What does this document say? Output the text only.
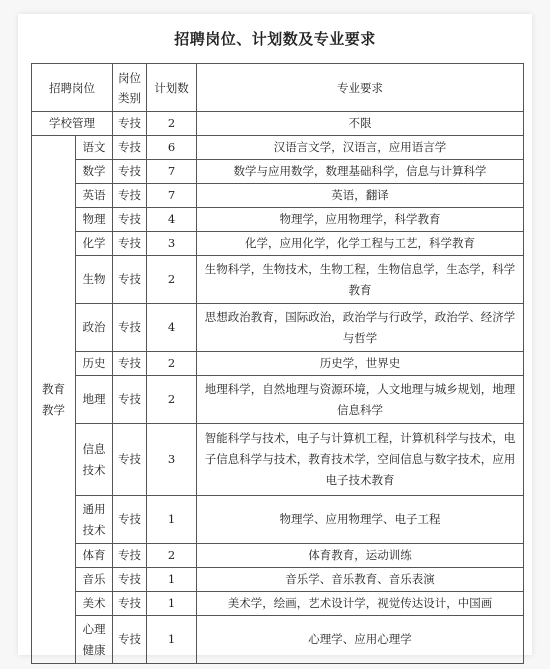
招聘岗位、计划数及专业要求
招聘岗位		岗位类别	计划数	专业要求
学校管理		专技	2	不限

教育教学	语文	专技	6	汉语言文学，汉语言，应用语言学
	数学	专技	7	数学与应用数学，数理基础科学，信息与计算科学
	英语	专技	7	英语，翻译
	物理	专技	4	物理学，应用物理学，科学教育
	化学	专技	3	化学，应用化学，化学工程与工艺，科学教育
	生物	专技	2	生物科学，生物技术，生物工程，生物信息学，生态学，科学教育
	政治	专技	4	思想政治教育，国际政治，政治学与行政学，政治学、经济学与哲学
	历史	专技	2	历史学，世界史
	地理	专技	2	地理科学，自然地理与资源环境，人文地理与城乡规划，地理信息科学

	信息技术	专技	3	智能科学与技术，电子与计算机工程，计算机科学与技术，电子信息科学与技术，教育技术学，空间信息与数字技术，应用电子技术教育

	通用技术	专技	1	物理学、应用物理学、电子工程
	体育	专技	2	体育教育，运动训练
	音乐	专技	1	音乐学、音乐教育、音乐表演
	美术	专技	1	美术学，绘画，艺术设计学，视觉传达设计，中国画

	心理健康	专技	1	心理学、应用心理学
